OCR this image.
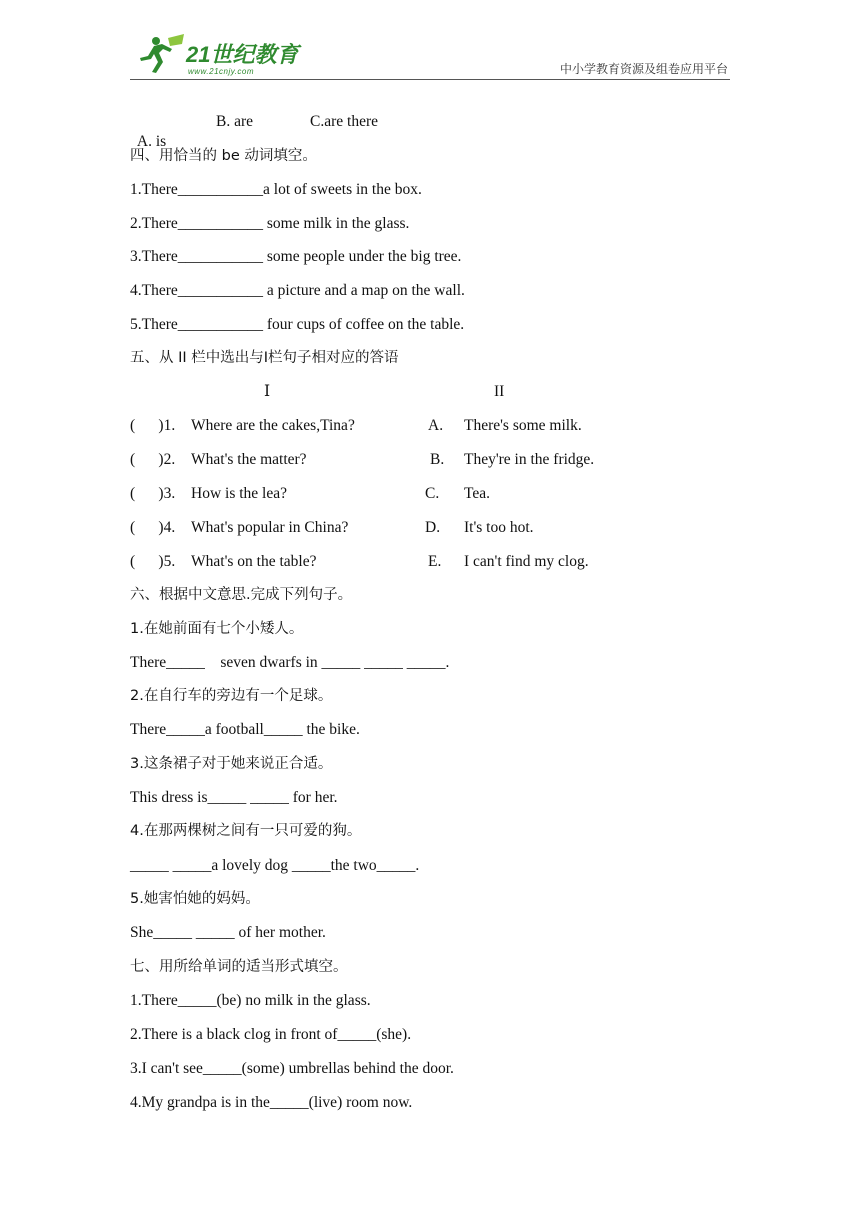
21世纪教育
www.21cnjy.com	中小学教育资源及组卷应用平台

A. is

B. are	C.are there
四、用恰当的 be 动词填空。
1.There___________a lot of sweets in the box.
2.There___________ some milk in the glass.
3.There___________ some people under the big tree.
4.There___________ a picture and a map on the wall.
5.There___________ four cups of coffee on the table.
五、从 II 栏中选出与Ⅰ栏句子相对应的答语
Ⅰ	II
(      )1. Where are the cakes,Tina?	A. There's some milk.
(      )2. What's the matter?	B. They're in the fridge.
(      )3. How is the lea?	C. Tea.
(      )4. What's popular in China?	D. It's too hot.
(      )5. What's on the table?	E. I can't find my clog.
六、根据中文意思.完成下列句子。
1.在她前面有七个小矮人。
There_____    seven dwarfs in _____ _____ _____.
2.在自行车的旁边有一个足球。
There_____a football_____ the bike.
3.这条裙子对于她来说正合适。
This dress is_____ _____ for her.
4.在那两棵树之间有一只可爱的狗。
_____ _____a lovely dog _____the two_____.
5.她害怕她的妈妈。
She_____ _____ of her mother.
七、用所给单词的适当形式填空。
1.There_____(be) no milk in the glass.
2.There is a black clog in front of_____(she).
3.I can't see_____(some) umbrellas behind the door.
4.My grandpa is in the_____(live) room now.
